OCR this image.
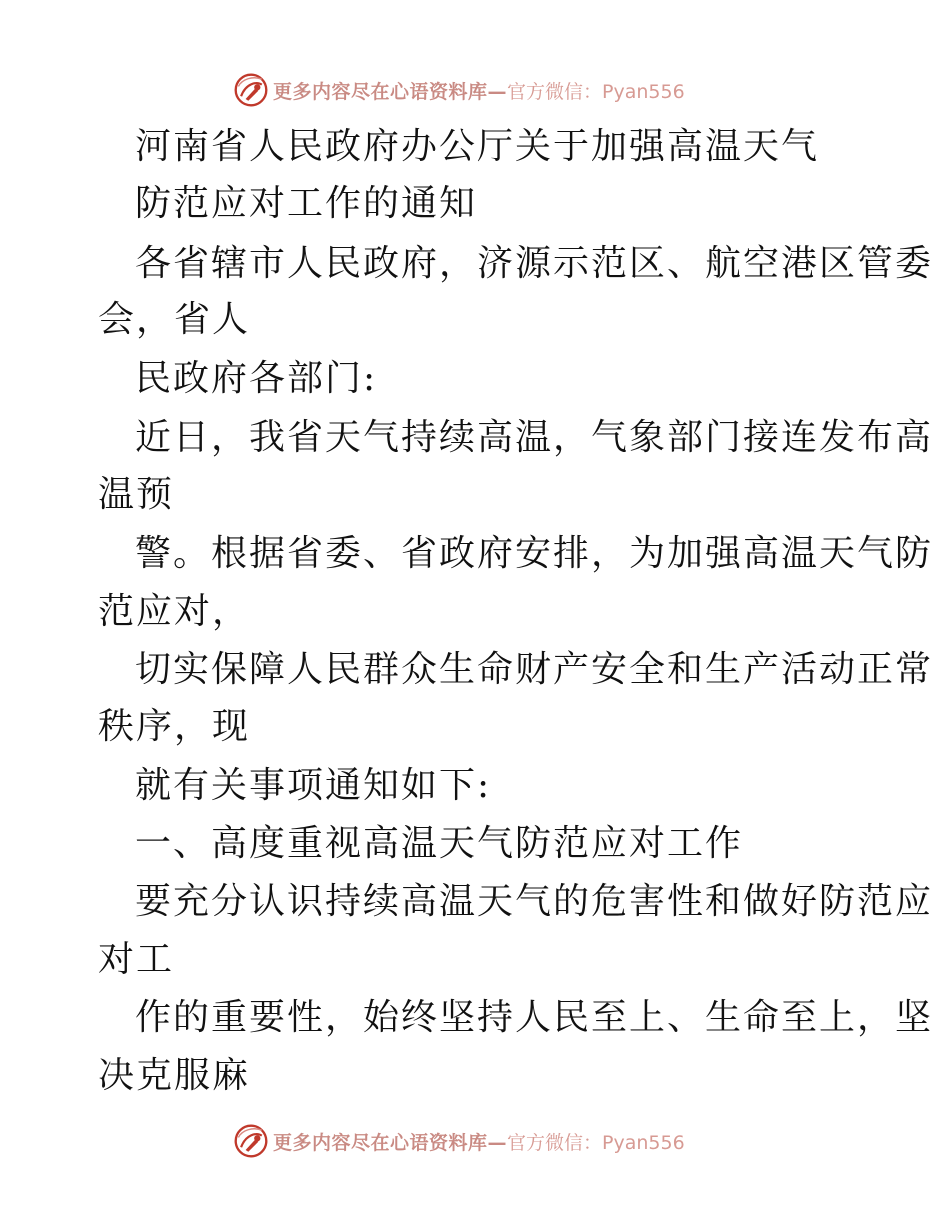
更多内容尽在心语资料库— 官方微信：Pyan556
河南省人民政府办公厅关于加强高温天气
防范应对工作的通知
各省辖市人民政府，济源示范区、航空港区管委
会，省人
民政府各部门:
近日，我省天气持续高温，气象部门接连发布高
温预
警。根据省委、省政府安排，为加强高温天气防
范应对，
切实保障人民群众生命财产安全和生产活动正常
秩序，现
就有关事项通知如下:
一、高度重视高温天气防范应对工作
要充分认识持续高温天气的危害性和做好防范应
对工
作的重要性，始终坚持人民至上、生命至上，坚
决克服麻
更多内容尽在心语资料库— 官方微信：Pyan556
